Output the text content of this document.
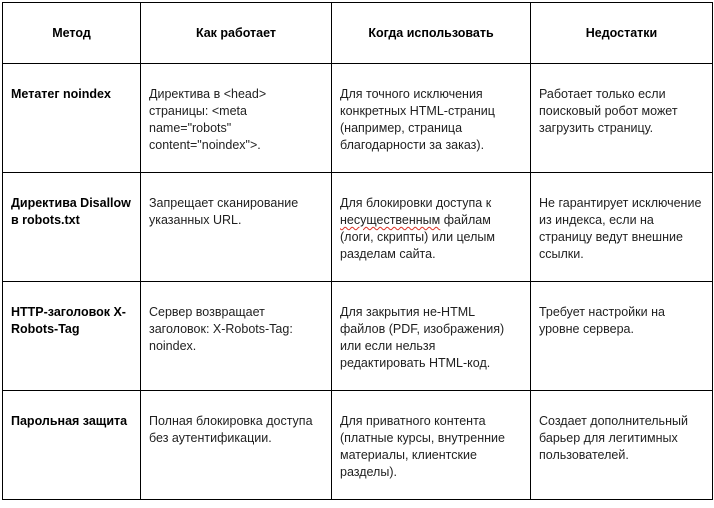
Метод	Как работает	Когда использовать	Недостатки
Метатег noindex	Директива в <head> страницы: <meta name="robots" content="noindex">.	Для точного исключения конкретных HTML-страниц (например, страница благодарности за заказ).	Работает только если поисковый робот может загрузить страницу.
Директива Disallow в robots.txt	Запрещает сканирование указанных URL.	Для блокировки доступа к несущественным файлам (логи, скрипты) или целым разделам сайта.	Не гарантирует исключение из индекса, если на страницу ведут внешние ссылки.
HTTP-заголовок X-Robots-Tag	Сервер возвращает заголовок: X-Robots-Tag: noindex.	Для закрытия не-HTML файлов (PDF, изображения) или если нельзя редактировать HTML-код.	Требует настройки на уровне сервера.
Парольная защита	Полная блокировка доступа без аутентификации.	Для приватного контента (платные курсы, внутренние материалы, клиентские разделы).	Создает дополнительный барьер для легитимных пользователей.
